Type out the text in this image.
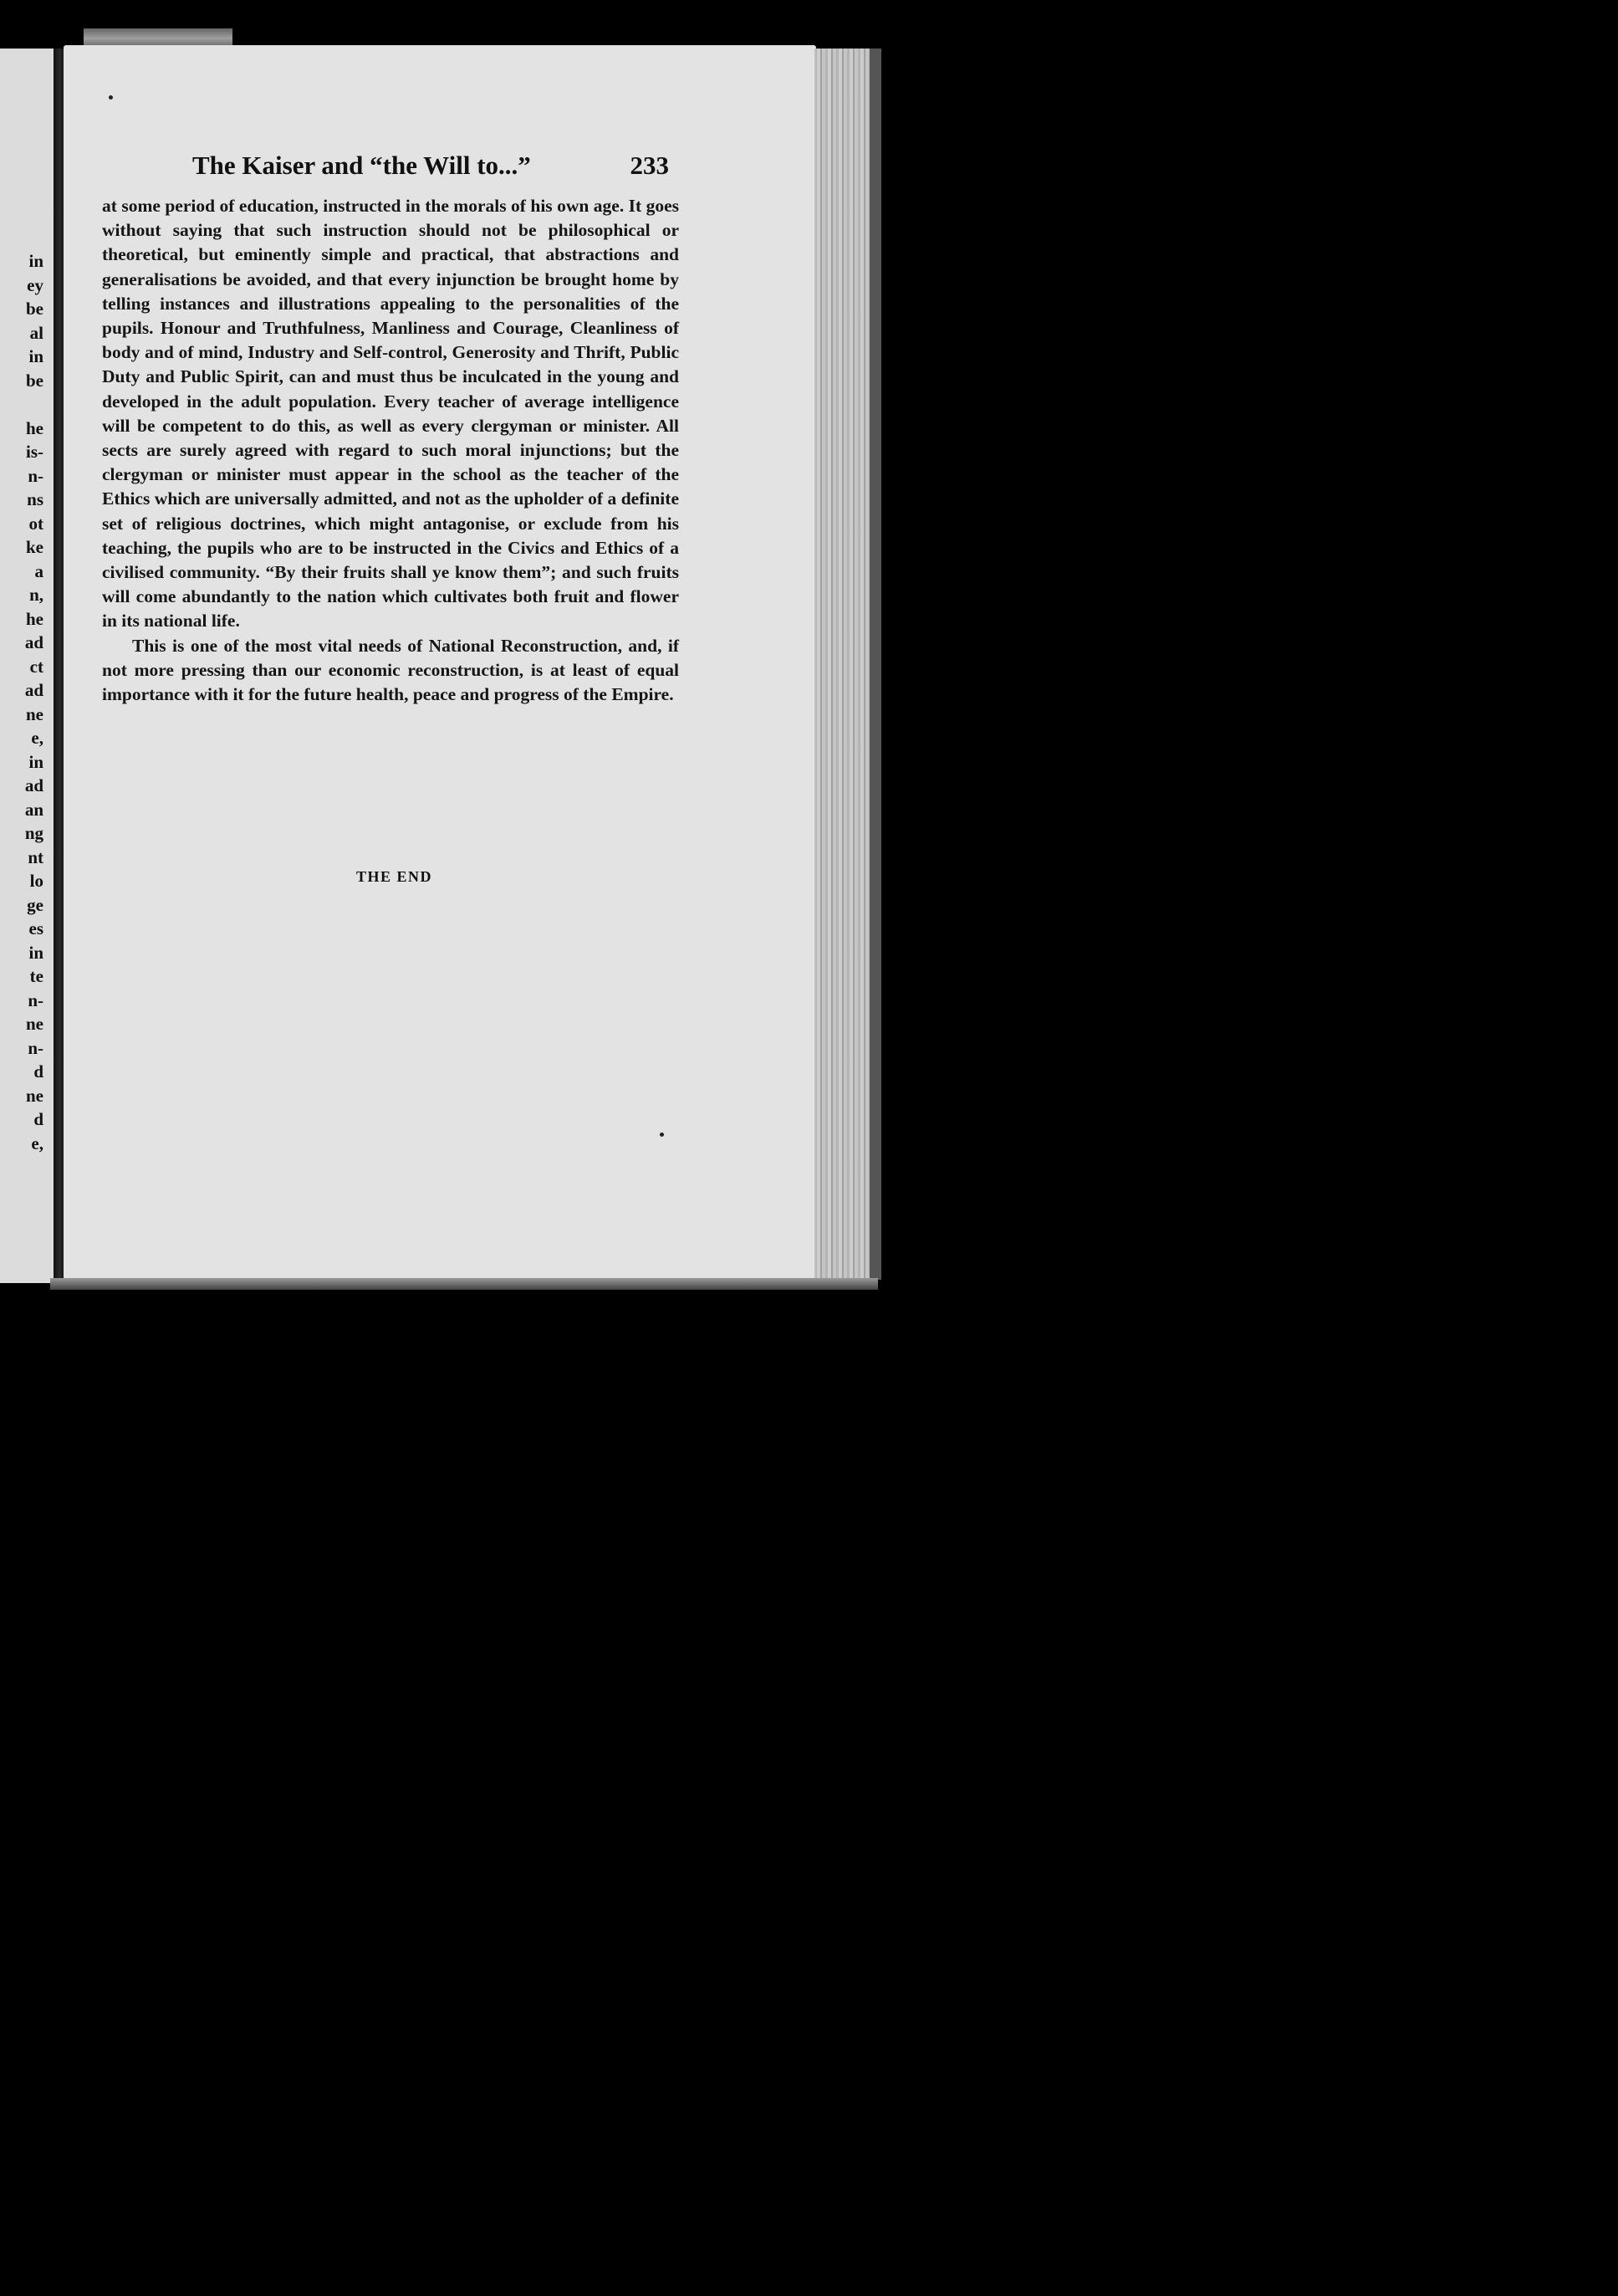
in
ey
be
al
in
be

he
is-
n-
ns
ot
ke
a
n,
he
ad
ct
ad
ne
e,
in
ad
an
ng
nt
lo
ge
es
in
te
n-
ne
n-
d
ne
d
e,
The Kaiser and “the Will to...”	233

at some period of education, instructed in the morals of his own age. It goes without saying that such instruction should not be philosophical or theoretical, but eminently simple and practical, that abstractions and generalisations be avoided, and that every injunction be brought home by telling instances and illustrations appealing to the personalities of the pupils. Honour and Truthfulness, Manliness and Courage, Cleanliness of body and of mind, Industry and Self-control, Generosity and Thrift, Public Duty and Public Spirit, can and must thus be inculcated in the young and developed in the adult population. Every teacher of average intelligence will be competent to do this, as well as every clergyman or minister. All sects are surely agreed with regard to such moral injunctions; but the clergyman or minister must appear in the school as the teacher of the Ethics which are universally admitted, and not as the upholder of a definite set of religious doctrines, which might antagonise, or exclude from his teaching, the pupils who are to be instructed in the Civics and Ethics of a civilised community. “By their fruits shall ye know them”; and such fruits will come abundantly to the nation which cultivates both fruit and flower in its national life.

This is one of the most vital needs of National Reconstruction, and, if not more pressing than our economic reconstruction, is at least of equal importance with it for the future health, peace and progress of the Empire.

THE END
